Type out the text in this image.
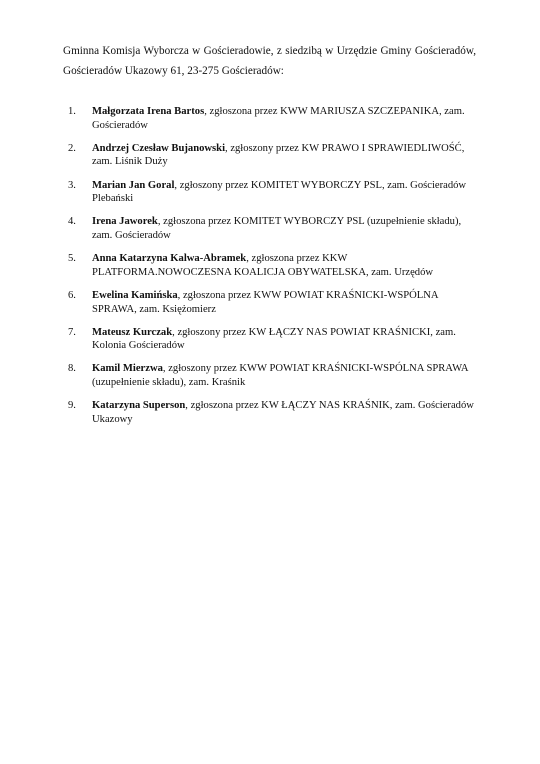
Gminna Komisja Wyborcza w Gościeradowie, z siedzibą w Urzędzie Gminy Gościeradów, Gościeradów Ukazowy 61, 23-275 Gościeradów:

1.	Małgorzata Irena Bartos, zgłoszona przez KWW MARIUSZA SZCZEPANIKA, zam. Gościeradów
2.	Andrzej Czesław Bujanowski, zgłoszony przez KW PRAWO I SPRAWIEDLIWOŚĆ, zam. Liśnik Duży
3.	Marian Jan Goral, zgłoszony przez KOMITET WYBORCZY PSL, zam. Gościeradów Plebański
4.	Irena Jaworek, zgłoszona przez KOMITET WYBORCZY PSL (uzupełnienie składu), zam. Gościeradów
5.	Anna Katarzyna Kalwa-Abramek, zgłoszona przez KKW PLATFORMA.NOWOCZESNA KOALICJA OBYWATELSKA, zam. Urzędów
6.	Ewelina Kamińska, zgłoszona przez KWW POWIAT KRAŚNICKI-WSPÓLNA SPRAWA, zam. Księżomierz
7.	Mateusz Kurczak, zgłoszony przez KW ŁĄCZY NAS POWIAT KRAŚNICKI, zam. Kolonia Gościeradów
8.	Kamil Mierzwa, zgłoszony przez KWW POWIAT KRAŚNICKI-WSPÓLNA SPRAWA (uzupełnienie składu), zam. Kraśnik
9.	Katarzyna Superson, zgłoszona przez KW ŁĄCZY NAS KRAŚNIK, zam. Gościeradów Ukazowy
